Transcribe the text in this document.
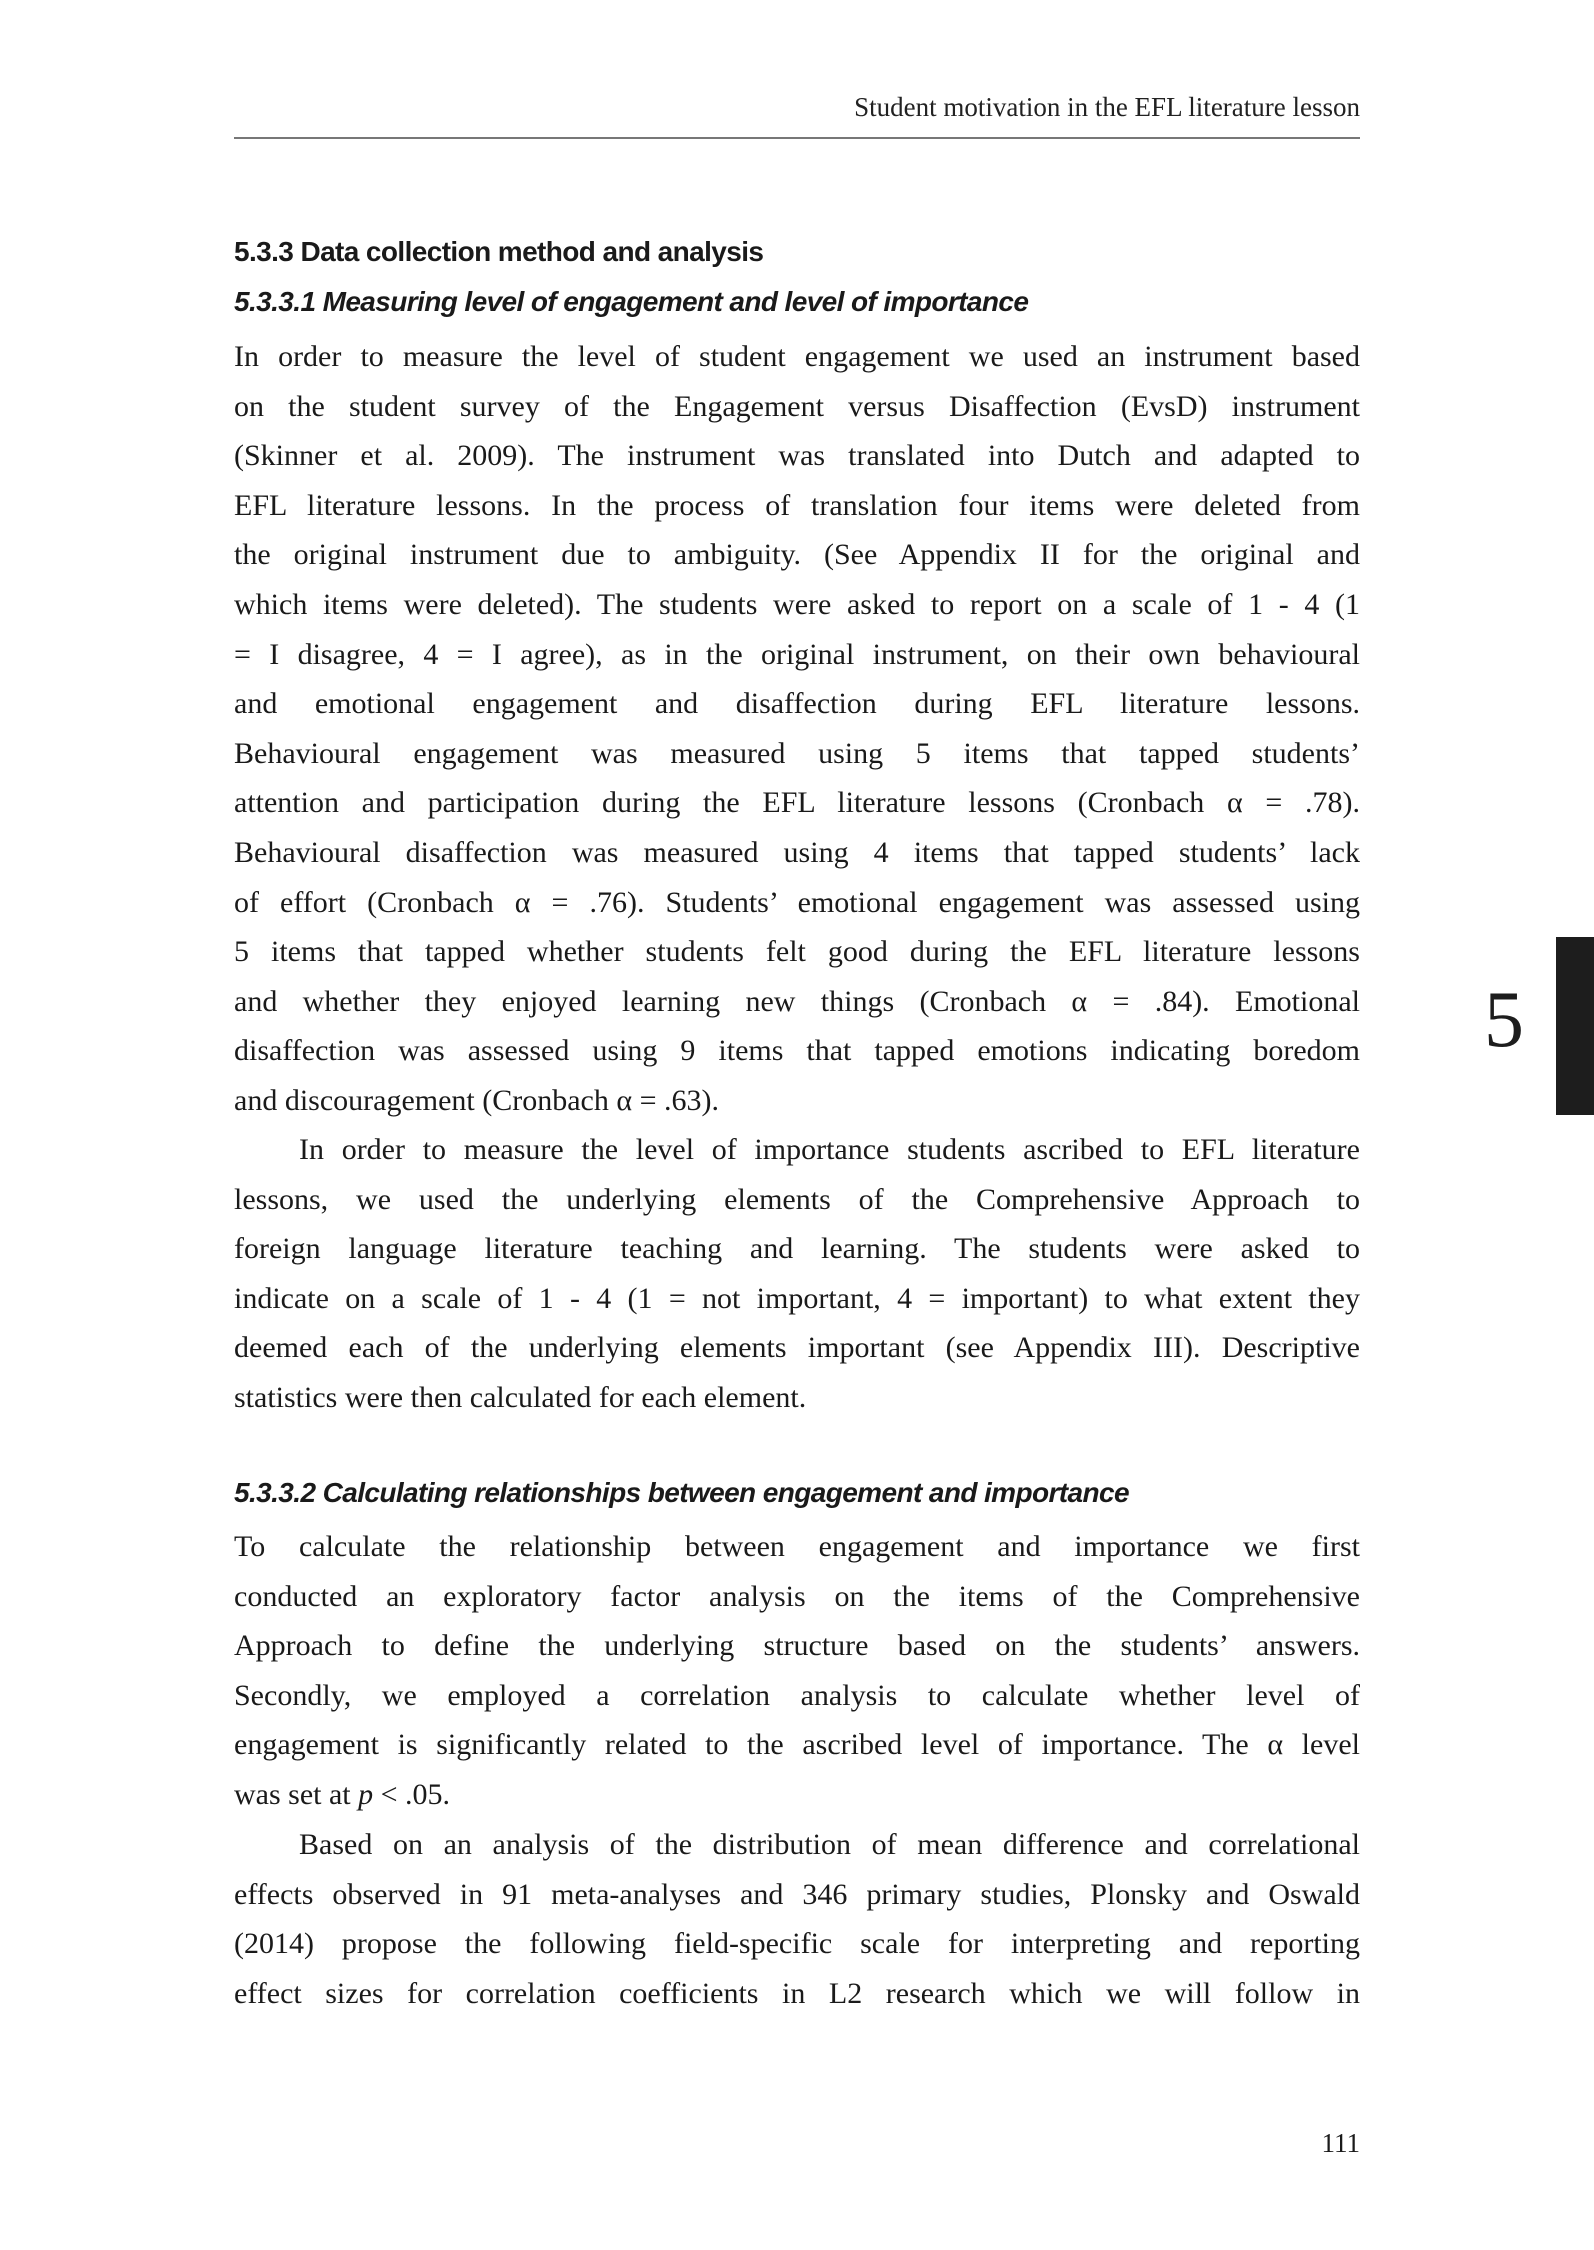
Student motivation in the EFL literature lesson
5.3.3 Data collection method and analysis
5.3.3.1 Measuring level of engagement and level of importance
In order to measure the level of student engagement we used an instrument based
on the student survey of the Engagement versus Disaffection (EvsD) instrument
(Skinner et al. 2009). The instrument was translated into Dutch and adapted to
EFL literature lessons. In the process of translation four items were deleted from
the original instrument due to ambiguity. (See Appendix II for the original and
which items were deleted). The students were asked to report on a scale of 1 - 4 (1
= I disagree, 4 = I agree), as in the original instrument, on their own behavioural
and emotional engagement and disaffection during EFL literature lessons.
Behavioural engagement was measured using 5 items that tapped students’
attention and participation during the EFL literature lessons (Cronbach α = .78).
Behavioural disaffection was measured using 4 items that tapped students’ lack
of effort (Cronbach α = .76). Students’ emotional engagement was assessed using
5 items that tapped whether students felt good during the EFL literature lessons
and whether they enjoyed learning new things (Cronbach α = .84). Emotional
disaffection was assessed using 9 items that tapped emotions indicating boredom
and discouragement (Cronbach α = .63).
In order to measure the level of importance students ascribed to EFL literature
lessons, we used the underlying elements of the Comprehensive Approach to
foreign language literature teaching and learning. The students were asked to
indicate on a scale of 1 - 4 (1 = not important, 4 = important) to what extent they
deemed each of the underlying elements important (see Appendix III). Descriptive
statistics were then calculated for each element.
5.3.3.2 Calculating relationships between engagement and importance
To calculate the relationship between engagement and importance we first
conducted an exploratory factor analysis on the items of the Comprehensive
Approach to define the underlying structure based on the students’ answers.
Secondly, we employed a correlation analysis to calculate whether level of
engagement is significantly related to the ascribed level of importance. The α level
was set at p < .05.
Based on an analysis of the distribution of mean difference and correlational
effects observed in 91 meta-analyses and 346 primary studies, Plonsky and Oswald
(2014) propose the following field-specific scale for interpreting and reporting
effect sizes for correlation coefficients in L2 research which we will follow in
5
111
